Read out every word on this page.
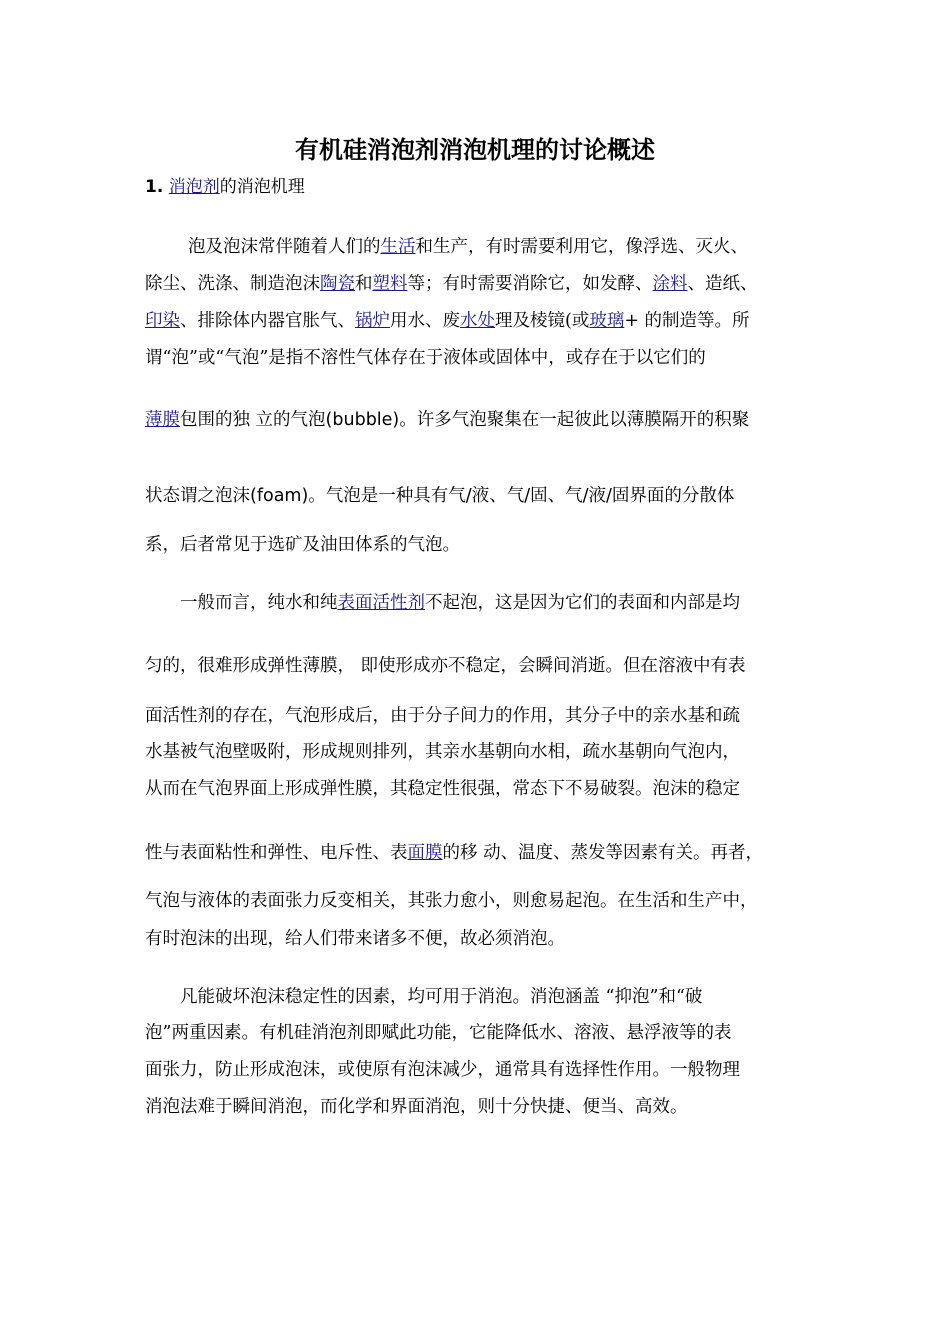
有机硅消泡剂消泡机理的讨论概述
1. 消泡剂的消泡机理
泡及泡沫常伴随着人们的生活和生产，有时需要利用它，像浮选、灭火、
除尘、洗涤、制造泡沫陶瓷和塑料等；有时需要消除它，如发酵、涂料、造纸、
印染、排除体内器官胀气、锅炉用水、废水处理及棱镜(或玻璃+ 的制造等。所
谓“泡”或“气泡”是指不溶性气体存在于液体或固体中，或存在于以它们的
薄膜包围的独 立的气泡(bubble)。许多气泡聚集在一起彼此以薄膜隔开的积聚
状态谓之泡沫(foam)。气泡是一种具有气/液、气/固、气/液/固界面的分散体
系，后者常见于选矿及油田体系的气泡。
一般而言，纯水和纯表面活性剂不起泡，这是因为它们的表面和内部是均
匀的，很难形成弹性薄膜， 即使形成亦不稳定，会瞬间消逝。但在溶液中有表
面活性剂的存在，气泡形成后，由于分子间力的作用，其分子中的亲水基和疏
水基被气泡壁吸附，形成规则排列，其亲水基朝向水相，疏水基朝向气泡内，
从而在气泡界面上形成弹性膜，其稳定性很强，常态下不易破裂。泡沫的稳定
性与表面粘性和弹性、电斥性、表面膜的移 动、温度、蒸发等因素有关。再者，
气泡与液体的表面张力反变相关，其张力愈小，则愈易起泡。在生活和生产中，
有时泡沫的出现，给人们带来诸多不便，故必须消泡。
凡能破坏泡沫稳定性的因素，均可用于消泡。消泡涵盖 “抑泡”和“破
泡”两重因素。有机硅消泡剂即赋此功能，它能降低水、溶液、悬浮液等的表
面张力，防止形成泡沫，或使原有泡沫减少，通常具有选择性作用。一般物理
消泡法难于瞬间消泡，而化学和界面消泡，则十分快捷、便当、高效。
